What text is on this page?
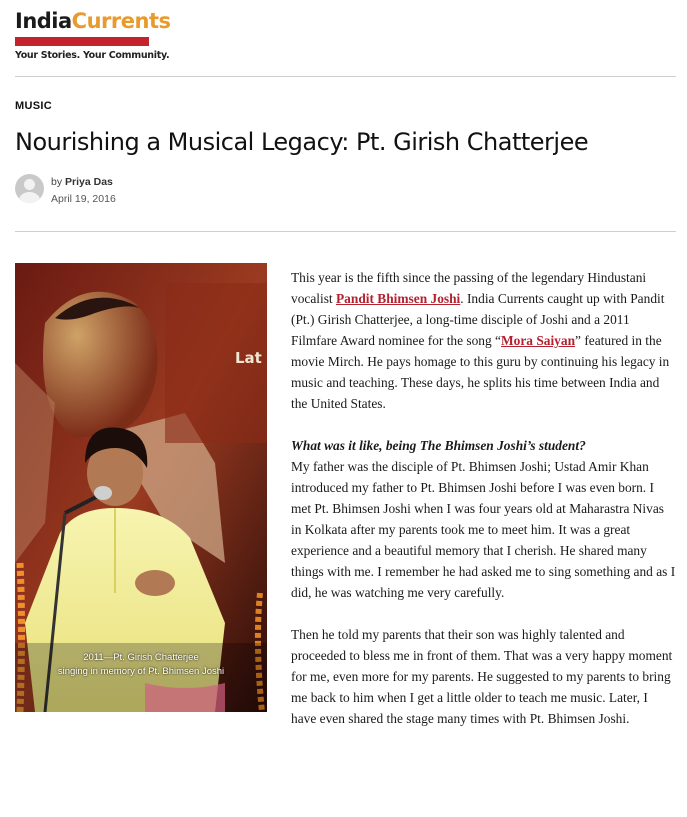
IndiaCurrents
Your Stories. Your Community.
MUSIC
Nourishing a Musical Legacy: Pt. Girish Chatterjee
by Priya Das
April 19, 2016
Lat
2011—Pt. Girish Chatterjee
singing in memory of Pt. Bhimsen Joshi

This year is the fifth since the passing of the legendary Hindustani vocalist Pandit Bhimsen Joshi. India Currents caught up with Pandit (Pt.) Girish Chatterjee, a long-time disciple of Joshi and a 2011 Filmfare Award nominee for the song “Mora Saiyan” featured in the movie Mirch. He pays homage to this guru by continuing his legacy in music and teaching. These days, he splits his time between India and the United States.

What was it like, being The Bhimsen Joshi’s student?

My father was the disciple of Pt. Bhimsen Joshi; Ustad Amir Khan introduced my father to Pt. Bhimsen Joshi before I was even born. I met Pt. Bhimsen Joshi when I was four years old at Maharastra Nivas in Kolkata after my parents took me to meet him. It was a great experience and a beautiful memory that I cherish. He shared many things with me. I remember he had asked me to sing something and as I did, he was watching me very carefully.

Then he told my parents that their son was highly talented and proceeded to bless me in front of them. That was a very happy moment for me, even more for my parents. He suggested to my parents to bring me back to him when I get a little older to teach me music. Later, I have even shared the stage many times with Pt. Bhimsen Joshi.
